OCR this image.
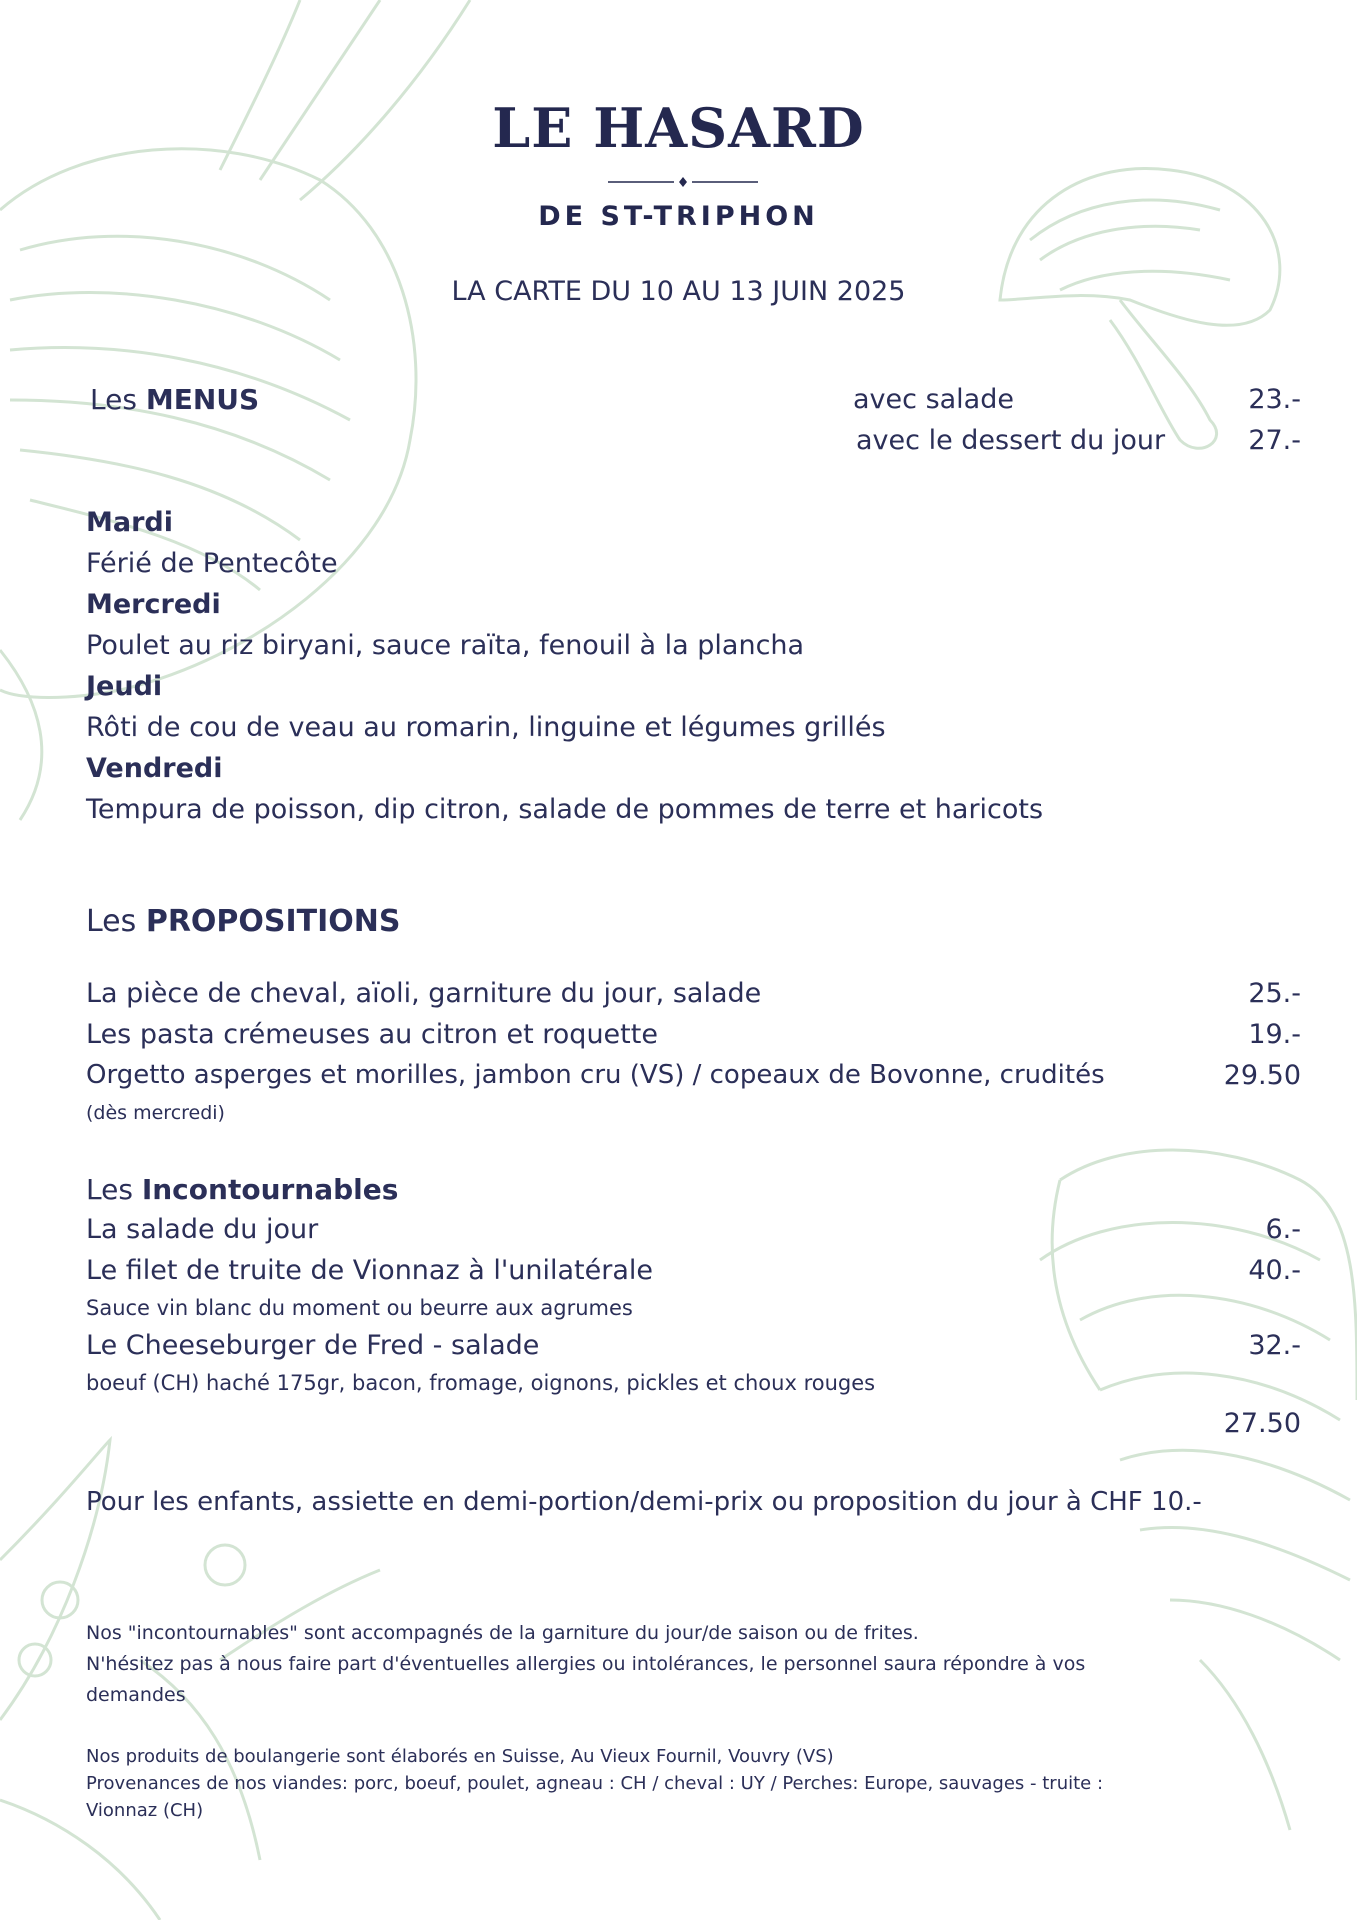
LE HASARD
DE ST-TRIPHON
LA CARTE DU 10 AU 13 JUIN 2025
Les MENUS	avec salade	23.-
avec le dessert du jour	27.-
Mardi
Férié de Pentecôte
Mercredi
Poulet au riz biryani, sauce raïta, fenouil à la plancha
Jeudi
Rôti de cou de veau au romarin, linguine et légumes grillés
Vendredi
Tempura de poisson, dip citron, salade de pommes de terre et haricots
Les PROPOSITIONS
La pièce de cheval, aïoli, garniture du jour, salade	25.-
Les pasta crémeuses au citron et roquette	19.-
Orgetto asperges et morilles, jambon cru (VS) / copeaux de Bovonne, crudités	29.50
(dès mercredi)
Les Incontournables
La salade du jour	6.-
Le filet de truite de Vionnaz à l'unilatérale	40.-
Sauce vin blanc du moment ou beurre aux agrumes
Le Cheeseburger de Fred - salade	32.-
boeuf (CH) haché 175gr, bacon, fromage, oignons, pickles et choux rouges
27.50
Pour les enfants, assiette en demi-portion/demi-prix ou proposition du jour à CHF 10.-
Nos "incontournables" sont accompagnés de la garniture du jour/de saison ou de frites.
N'hésitez pas à nous faire part d'éventuelles allergies ou intolérances, le personnel saura répondre à vos
demandes
Nos produits de boulangerie sont élaborés en Suisse, Au Vieux Fournil, Vouvry (VS)
Provenances de nos viandes: porc, boeuf, poulet, agneau : CH / cheval : UY / Perches: Europe, sauvages - truite :
Vionnaz (CH)
